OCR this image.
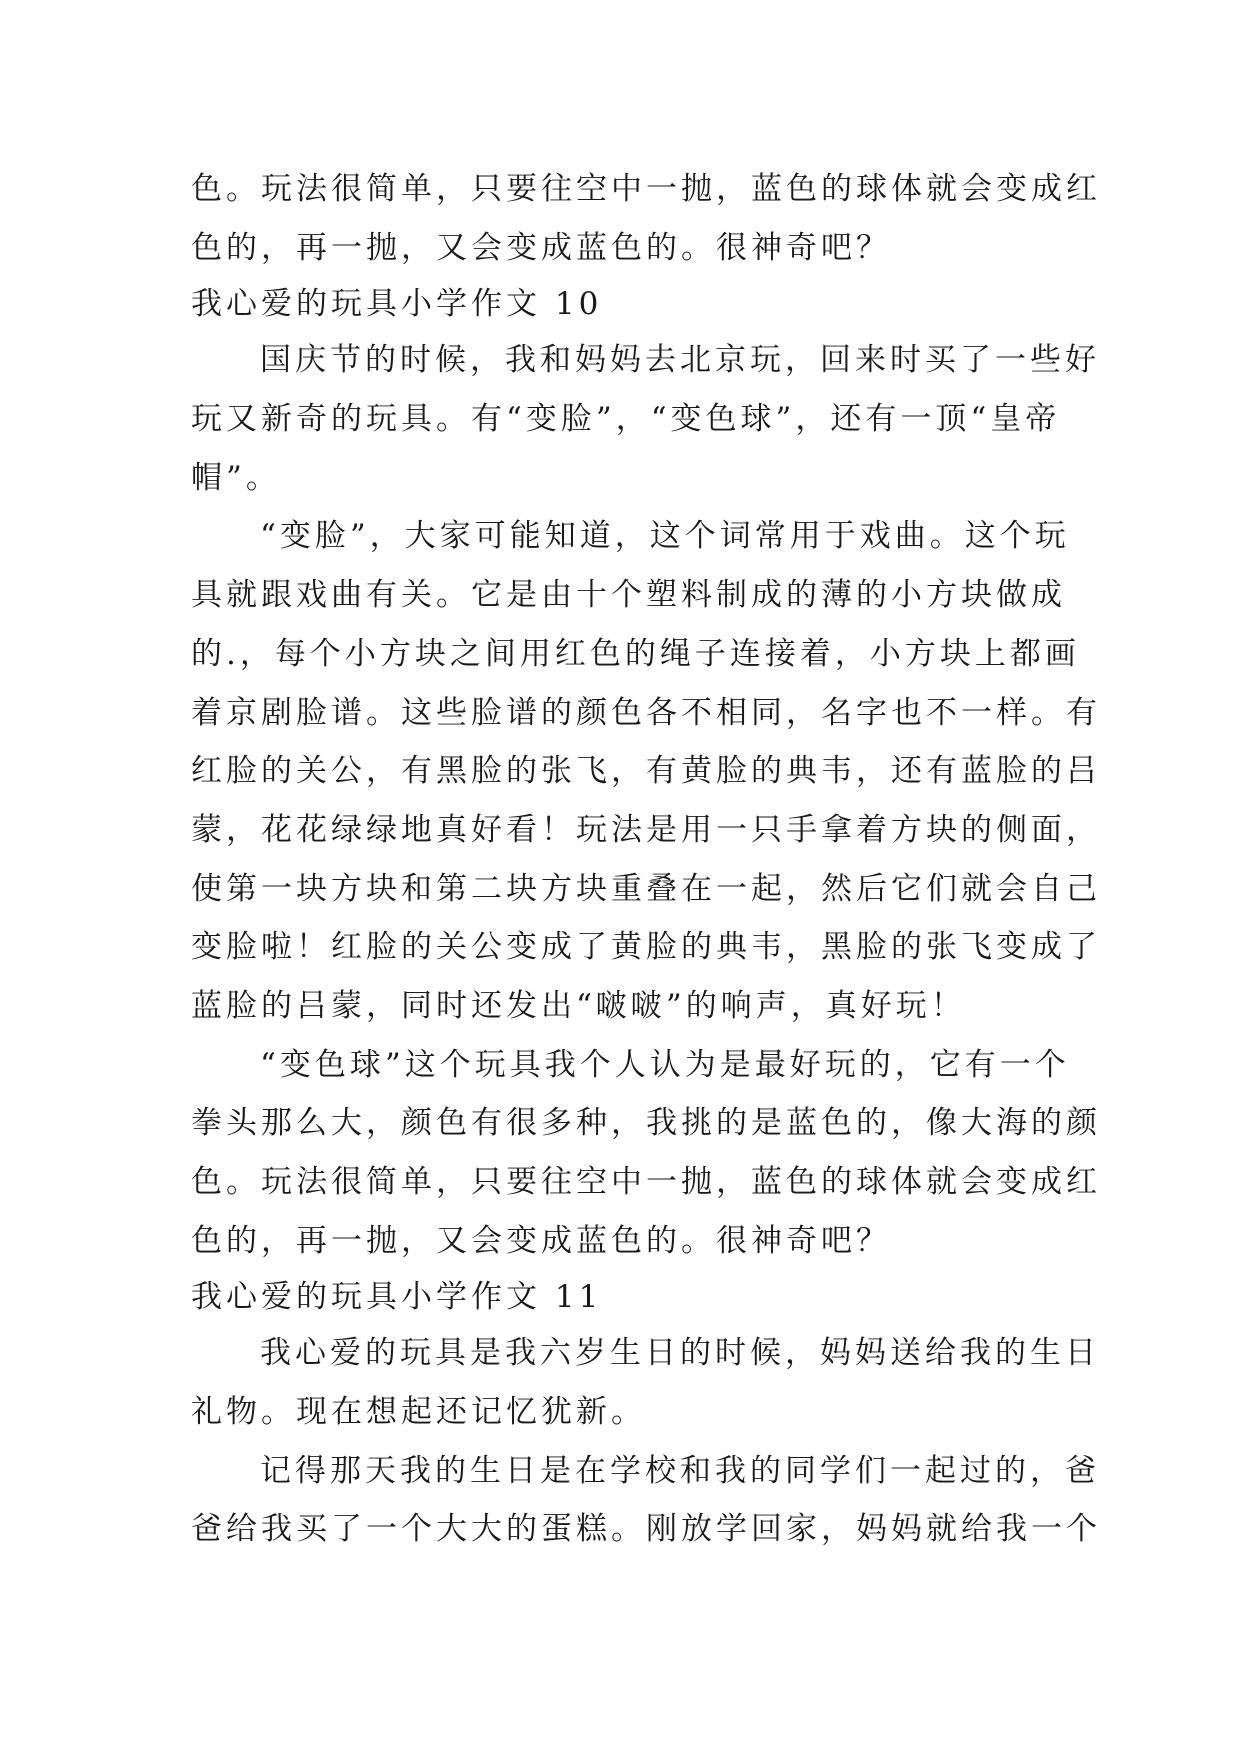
色。玩法很简单，只要往空中一抛，蓝色的球体就会变成红
色的，再一抛，又会变成蓝色的。很神奇吧？
我心爱的玩具小学作文 10
国庆节的时候，我和妈妈去北京玩，回来时买了一些好
玩又新奇的玩具。有“变脸”，“变色球”，还有一顶“皇帝
帽”。
“变脸”，大家可能知道，这个词常用于戏曲。这个玩
具就跟戏曲有关。它是由十个塑料制成的薄的小方块做成
的.，每个小方块之间用红色的绳子连接着，小方块上都画
着京剧脸谱。这些脸谱的颜色各不相同，名字也不一样。有
红脸的关公，有黑脸的张飞，有黄脸的典韦，还有蓝脸的吕
蒙，花花绿绿地真好看！玩法是用一只手拿着方块的侧面，
使第一块方块和第二块方块重叠在一起，然后它们就会自己
变脸啦！红脸的关公变成了黄脸的典韦，黑脸的张飞变成了
蓝脸的吕蒙，同时还发出“啵啵”的响声，真好玩！
“变色球”这个玩具我个人认为是最好玩的，它有一个
拳头那么大，颜色有很多种，我挑的是蓝色的，像大海的颜
色。玩法很简单，只要往空中一抛，蓝色的球体就会变成红
色的，再一抛，又会变成蓝色的。很神奇吧？
我心爱的玩具小学作文 11
我心爱的玩具是我六岁生日的时候，妈妈送给我的生日
礼物。现在想起还记忆犹新。
记得那天我的生日是在学校和我的同学们一起过的，爸
爸给我买了一个大大的蛋糕。刚放学回家，妈妈就给我一个
